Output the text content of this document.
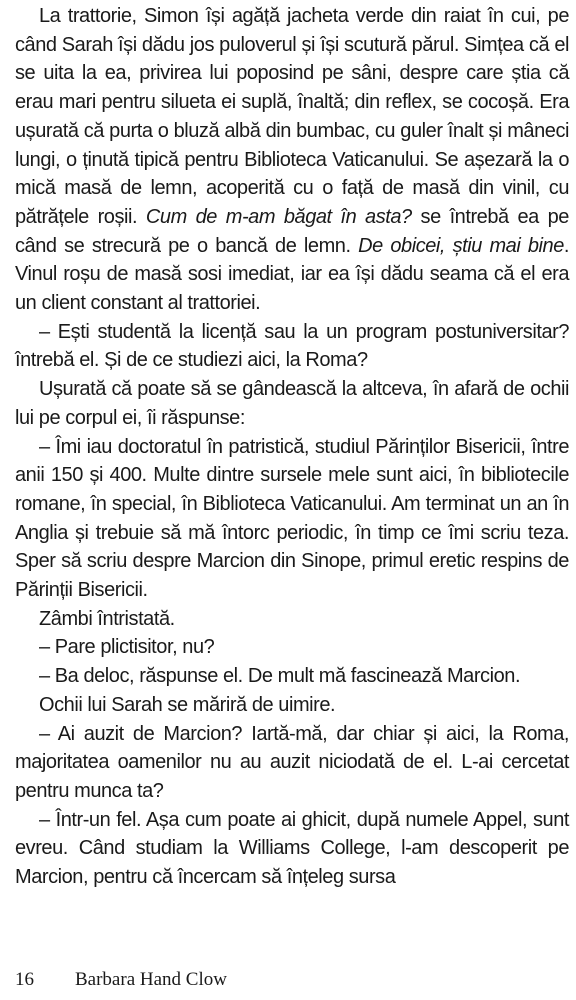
La trattorie, Simon își agăță jacheta verde din raiat în cui, pe când Sarah își dădu jos puloverul și își scutură părul. Simțea că el se uita la ea, privirea lui poposind pe sâni, despre care știa că erau mari pentru silueta ei suplă, înaltă; din reflex, se cocoșă. Era ușurată că purta o bluză albă din bumbac, cu guler înalt și mâneci lungi, o ținută tipică pentru Biblioteca Vaticanului. Se așezară la o mică masă de lemn, acoperită cu o față de masă din vinil, cu pătrățele roșii. Cum de m-am băgat în asta? se întrebă ea pe când se strecură pe o bancă de lemn. De obicei, știu mai bine. Vinul roșu de masă sosi imediat, iar ea își dădu seama că el era un client constant al trattoriei.

– Ești studentă la licență sau la un program postuniversitar? întrebă el. Și de ce studiezi aici, la Roma?

Ușurată că poate să se gândească la altceva, în afară de ochii lui pe corpul ei, îi răspunse:

– Îmi iau doctoratul în patristică, studiul Părinților Bisericii, între anii 150 și 400. Multe dintre sursele mele sunt aici, în bibliotecile romane, în special, în Biblioteca Vaticanului. Am terminat un an în Anglia și trebuie să mă întorc periodic, în timp ce îmi scriu teza. Sper să scriu despre Marcion din Sinope, primul eretic respins de Părinții Bisericii.

Zâmbi întristată.

– Pare plictisitor, nu?

– Ba deloc, răspunse el. De mult mă fascinează Marcion.

Ochii lui Sarah se măriră de uimire.

– Ai auzit de Marcion? Iartă-mă, dar chiar și aici, la Roma, majoritatea oamenilor nu au auzit niciodată de el. L-ai cercetat pentru munca ta?

– Într-un fel. Așa cum poate ai ghicit, după numele Appel, sunt evreu. Când studiam la Williams College, l-am descoperit pe Marcion, pentru că încercam să înțeleg sursa

16 Barbara Hand Clow
